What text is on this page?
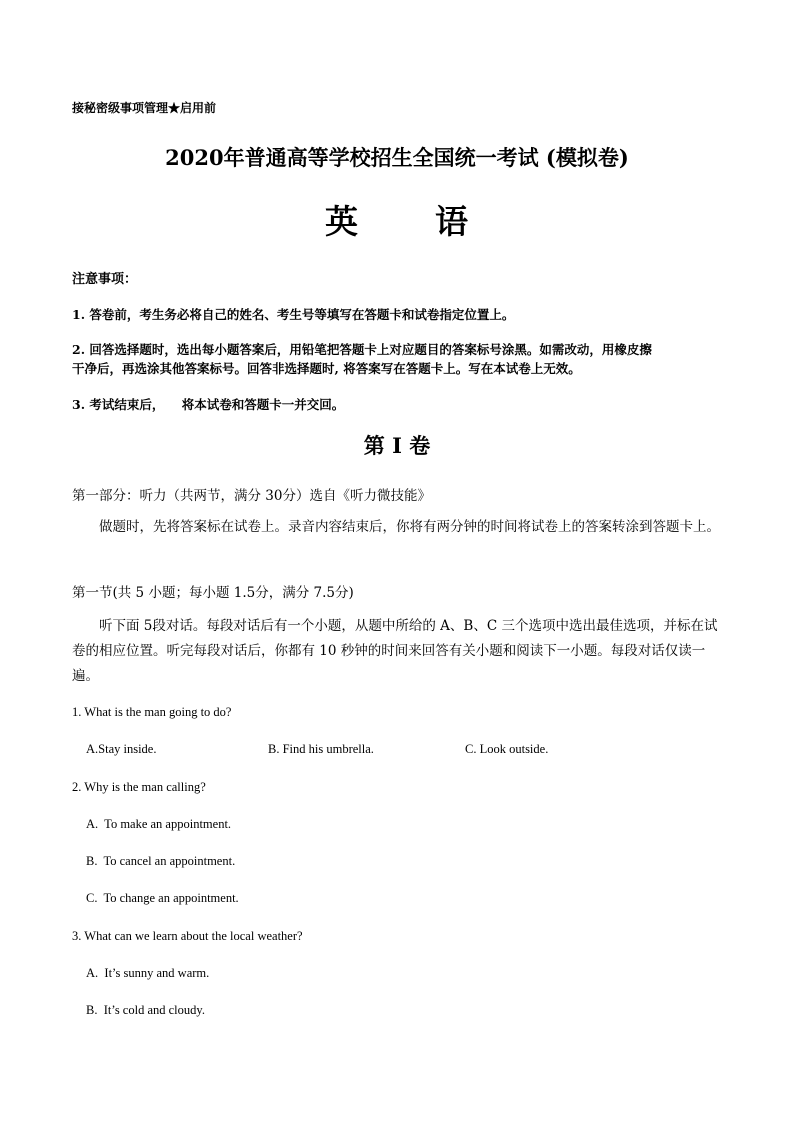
接秘密级事项管理★启用前
2020年普通高等学校招生全国统一考试 (模拟卷)
英 语
注意事项：
1. 答卷前，考生务必将自己的姓名、考生号等填写在答题卡和试卷指定位置上。
2. 回答选择题时，选出每小题答案后，用铅笔把答题卡上对应题目的答案标号涂黑。如需改动，用橡皮擦
干净后，再选涂其他答案标号。回答非选择题时, 将答案写在答题卡上。写在本试卷上无效。
3. 考试结束后，    将本试卷和答题卡一并交回。
第 I 卷
第一部分：听力（共两节，满分 30分）选自《听力微技能》
做题时，先将答案标在试卷上。录音内容结束后，你将有两分钟的时间将试卷上的答案转涂到答题卡上。
第一节(共 5 小题；每小题 1.5分，满分 7.5分)
听下面 5段对话。每段对话后有一个小题，从题中所给的 A、B、C 三个选项中选出最佳选项，并标在试卷的相应位置。听完每段对话后，你都有 10 秒钟的时间来回答有关小题和阅读下一小题。每段对话仅读一遍。
1. What is the man going to do?
A.Stay inside.	B. Find his umbrella.	C. Look outside.
2. Why is the man calling?
A.  To make an appointment.
B.  To cancel an appointment.
C.  To change an appointment.
3. What can we learn about the local weather?
A.  It’s sunny and warm.
B.  It’s cold and cloudy.
